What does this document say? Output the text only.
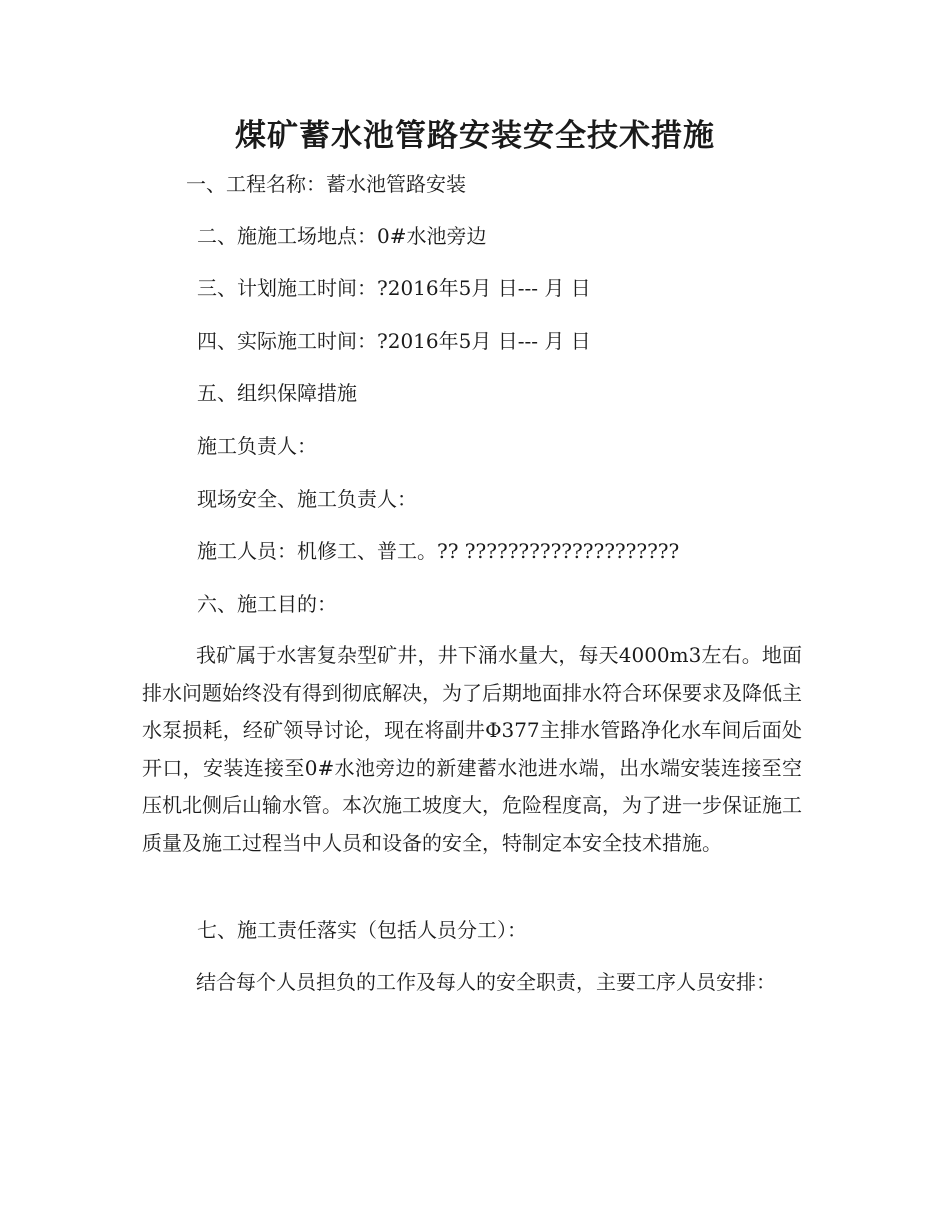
煤矿蓄水池管路安装安全技术措施
一、工程名称：蓄水池管路安装
二、施施工场地点：0#水池旁边
三、计划施工时间：?2016年5月 日--- 月 日
四、实际施工时间：?2016年5月 日--- 月 日
五、组织保障措施
施工负责人：
现场安全、施工负责人：
施工人员：机修工、普工。?? ????????????????????
六、施工目的：
我矿属于水害复杂型矿井，井下涌水量大，每天4000m3左右。地面排水问题始终没有得到彻底解决，为了后期地面排水符合环保要求及降低主水泵损耗，经矿领导讨论，现在将副井Φ377主排水管路净化水车间后面处开口，安装连接至0#水池旁边的新建蓄水池进水端，出水端安装连接至空压机北侧后山输水管。本次施工坡度大，危险程度高，为了进一步保证施工质量及施工过程当中人员和设备的安全，特制定本安全技术措施。
七、施工责任落实（包括人员分工）：
结合每个人员担负的工作及每人的安全职责，主要工序人员安排：
